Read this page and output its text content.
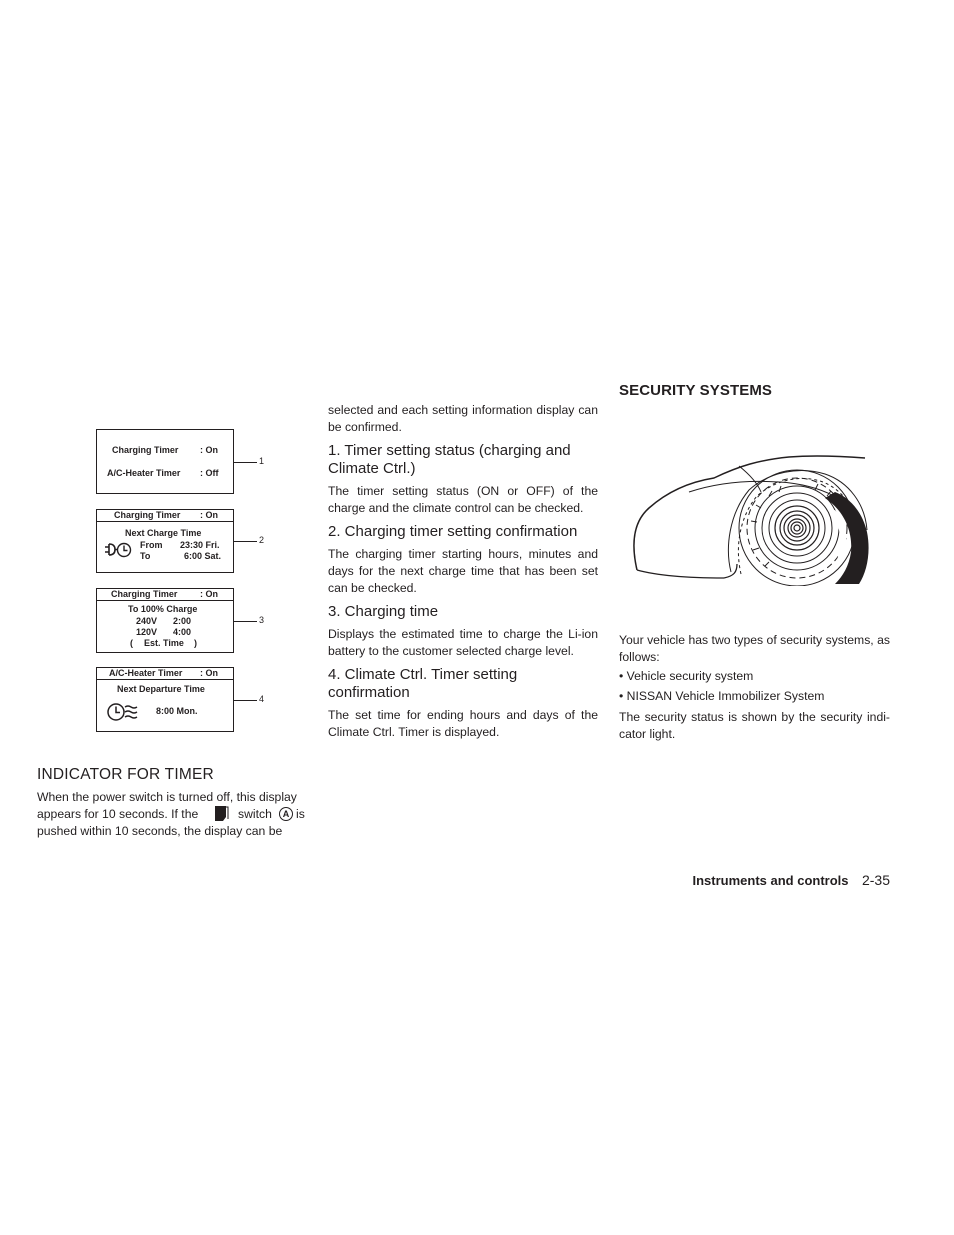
Charging Timer : On
A/C-Heater Timer : Off
1
Charging Timer : On
Next Charge Time
From 23:30 Fri.
To	6:00 Sat.
2
Charging Timer	: On
To 100% Charge
240V 2:00
120V 4:00
( Est. Time )
3
A/C-Heater Timer : On
Next Departure Time
8:00 Mon.
4
INDICATOR FOR TIMER

When the power switch is turned off, this display

appears for 10 seconds. If the	switch	A is

pushed within 10 seconds, the display can be

selected and each setting information display can be confirmed.

1. Timer setting status (charging and Climate Ctrl.)

The timer setting status (ON or OFF) of the charge and the climate control can be checked.

2. Charging timer setting confirmation

The charging timer starting hours, minutes and days for the next charge time that has been set can be checked.

3. Charging time

Displays the estimated time to charge the Li-ion battery to the customer selected charge level.

4. Climate Ctrl. Timer setting confirmation

The set time for ending hours and days of the Climate Ctrl. Timer is displayed.

SECURITY SYSTEMS

Your vehicle has two types of security systems, as follows:

• Vehicle security system

• NISSAN Vehicle Immobilizer System

The security status is shown by the security indi-cator light.

Instruments and controls 2-35
